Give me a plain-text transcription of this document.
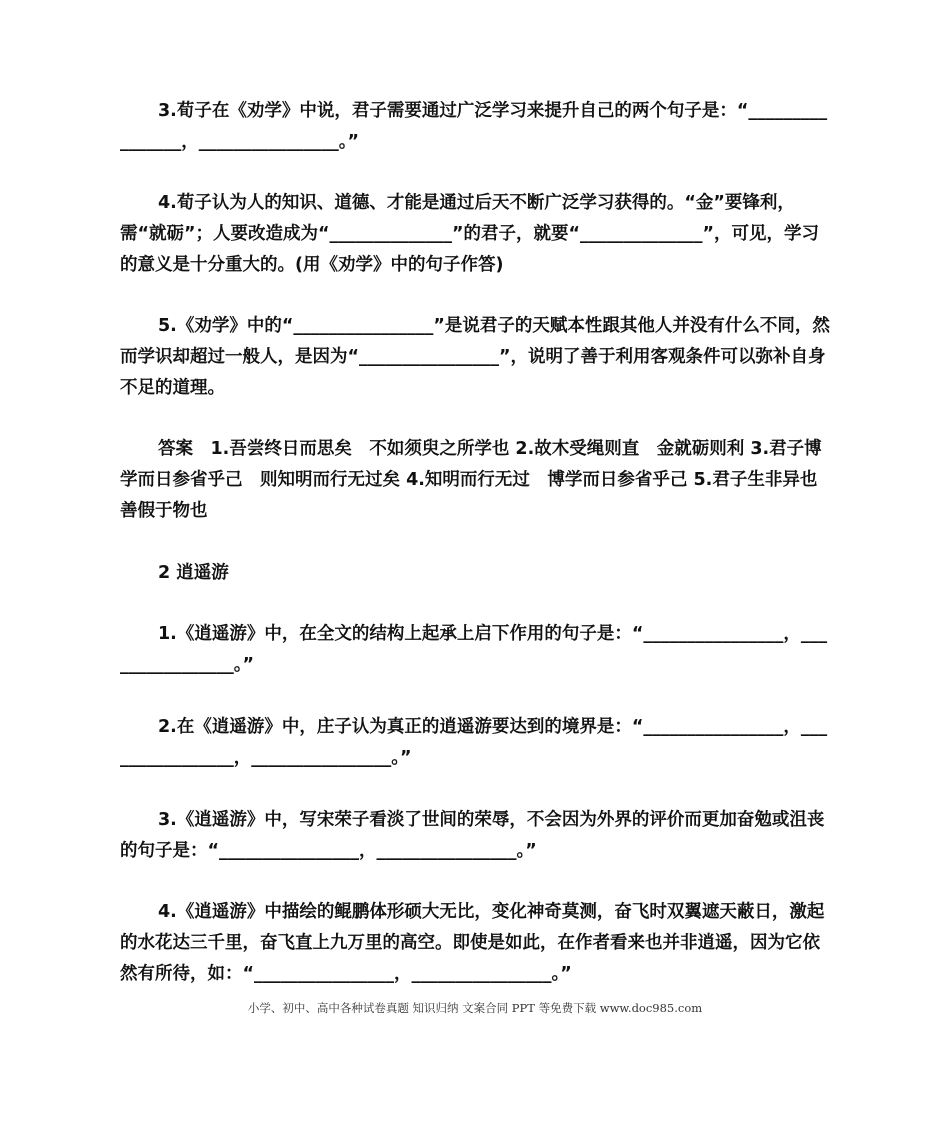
3.荀子在《劝学》中说，君子需要通过广泛学习来提升自己的两个句子是：“________________，________________。”

4.荀子认为人的知识、道德、才能是通过后天不断广泛学习获得的。“金”要锋利，需“就砺”；人要改造成为“______________”的君子，就要“______________”，可见，学习的意义是十分重大的。(用《劝学》中的句子作答)

5.《劝学》中的“________________”是说君子的天赋本性跟其他人并没有什么不同，然而学识却超过一般人，是因为“________________”，说明了善于利用客观条件可以弥补自身不足的道理。

答案　1.吾尝终日而思矣　不如须臾之所学也 2.故木受绳则直　金就砺则利 3.君子博学而日参省乎己　则知明而行无过矣 4.知明而行无过　博学而日参省乎己 5.君子生非异也　善假于物也

2 逍遥游

1.《逍遥游》中，在全文的结构上起承上启下作用的句子是：“________________，________________。”

2.在《逍遥游》中，庄子认为真正的逍遥游要达到的境界是：“________________，________________，________________。”

3.《逍遥游》中，写宋荣子看淡了世间的荣辱，不会因为外界的评价而更加奋勉或沮丧的句子是：“________________，________________。”

4.《逍遥游》中描绘的鲲鹏体形硕大无比，变化神奇莫测，奋飞时双翼遮天蔽日，激起的水花达三千里，奋飞直上九万里的高空。即使是如此，在作者看来也并非逍遥，因为它依然有所待，如：“________________，________________。”

小学、初中、高中各种试卷真题 知识归纳 文案合同 PPT 等免费下载 www.doc985.com
